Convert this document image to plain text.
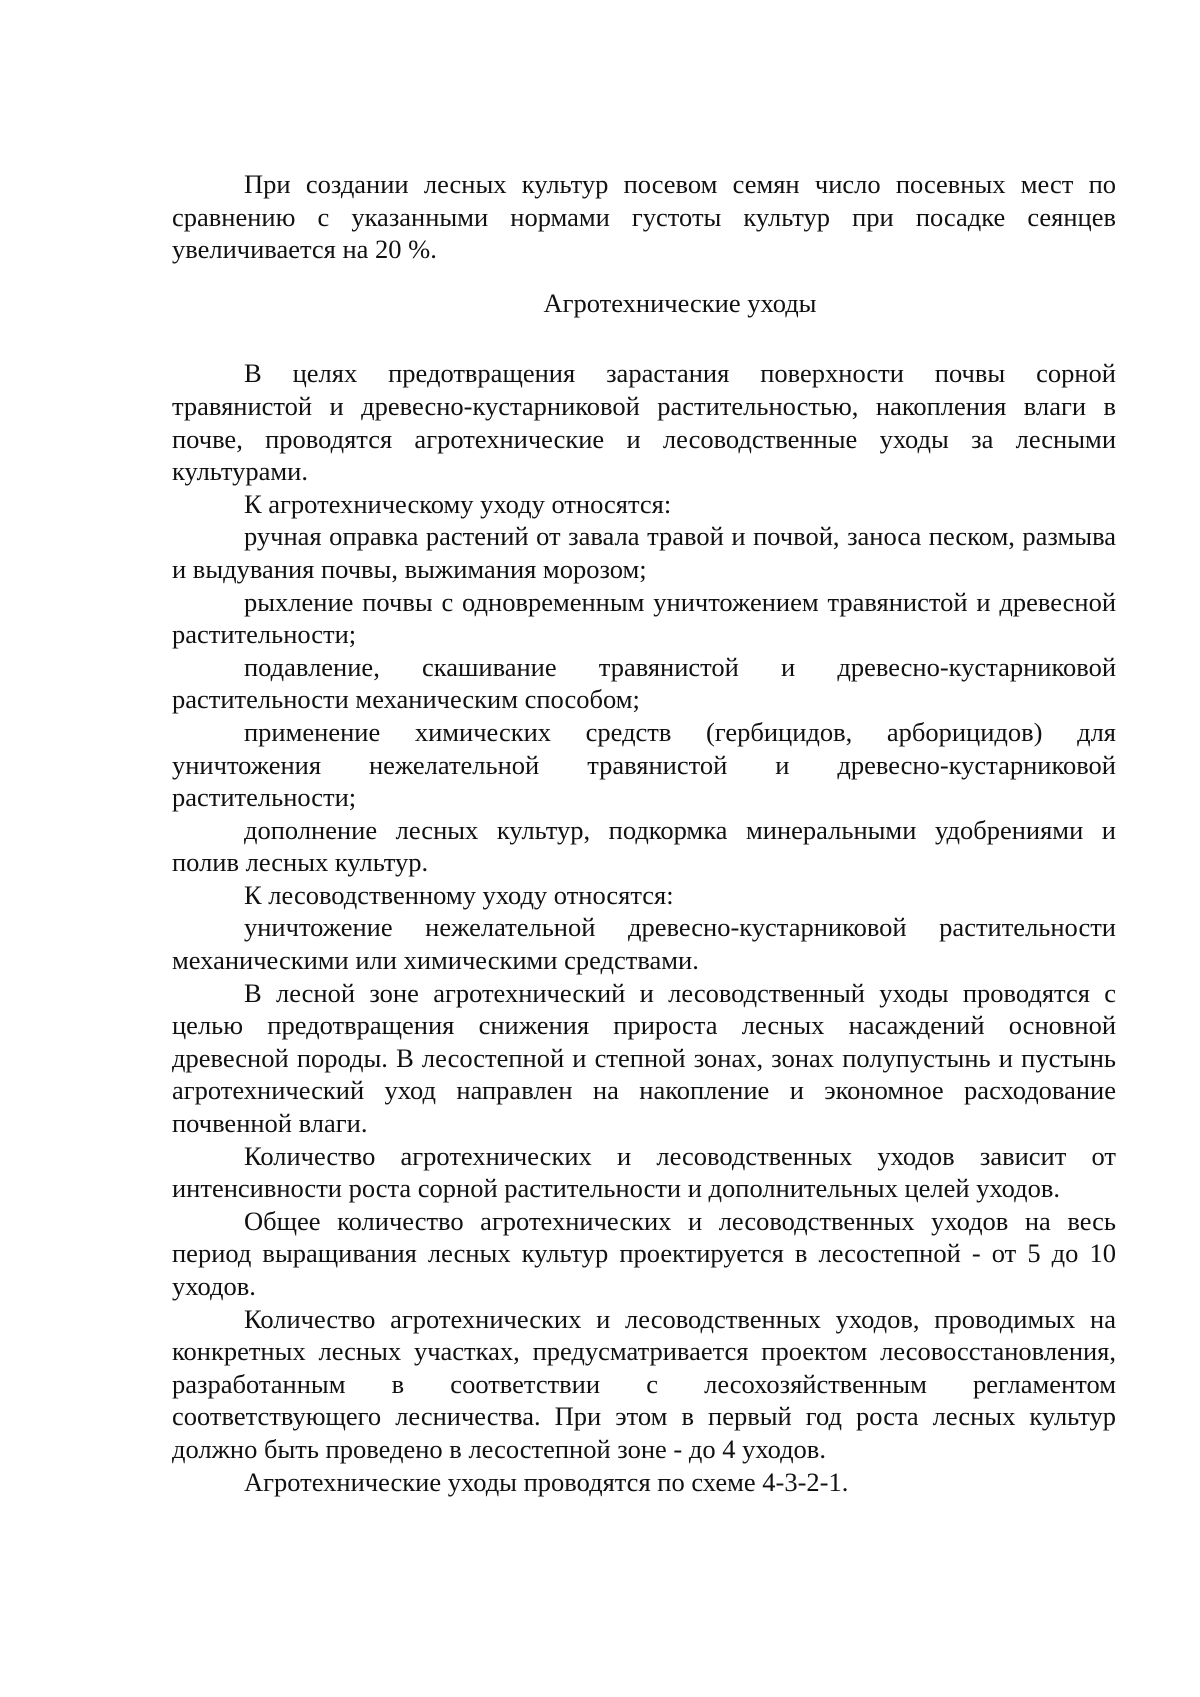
При создании лесных культур посевом семян число посевных мест по сравнению с указанными нормами густоты культур при посадке сеянцев увеличивается на 20 %.

Агротехнические уходы

В целях предотвращения зарастания поверхности почвы сорной травянистой и древесно-кустарниковой растительностью, накопления влаги в почве, проводятся агротехнические и лесоводственные уходы за лесными культурами.

К агротехническому уходу относятся:

ручная оправка растений от завала травой и почвой, заноса песком, размыва и выдувания почвы, выжимания морозом;

рыхление почвы с одновременным уничтожением травянистой и древесной растительности;

подавление, скашивание травянистой и древесно-кустарниковой растительности механическим способом;

применение химических средств (гербицидов, арборицидов) для уничтожения нежелательной травянистой и древесно-кустарниковой растительности;

дополнение лесных культур, подкормка минеральными удобрениями и полив лесных культур.

К лесоводственному уходу относятся:

уничтожение нежелательной древесно-кустарниковой растительности механическими или химическими средствами.

В лесной зоне агротехнический и лесоводственный уходы проводятся с целью предотвращения снижения прироста лесных насаждений основной древесной породы. В лесостепной и степной зонах, зонах полупустынь и пустынь агротехнический уход направлен на накопление и экономное расходование почвенной влаги.

Количество агротехнических и лесоводственных уходов зависит от интенсивности роста сорной растительности и дополнительных целей уходов.

Общее количество агротехнических и лесоводственных уходов на весь период выращивания лесных культур проектируется в лесостепной - от 5 до 10 уходов.

Количество агротехнических и лесоводственных уходов, проводимых на конкретных лесных участках, предусматривается проектом лесовосстановления, разработанным в соответствии с лесохозяйственным регламентом соответствующего лесничества. При этом в первый год роста лесных культур должно быть проведено в лесостепной зоне - до 4 уходов.

Агротехнические уходы проводятся по схеме 4-3-2-1.
